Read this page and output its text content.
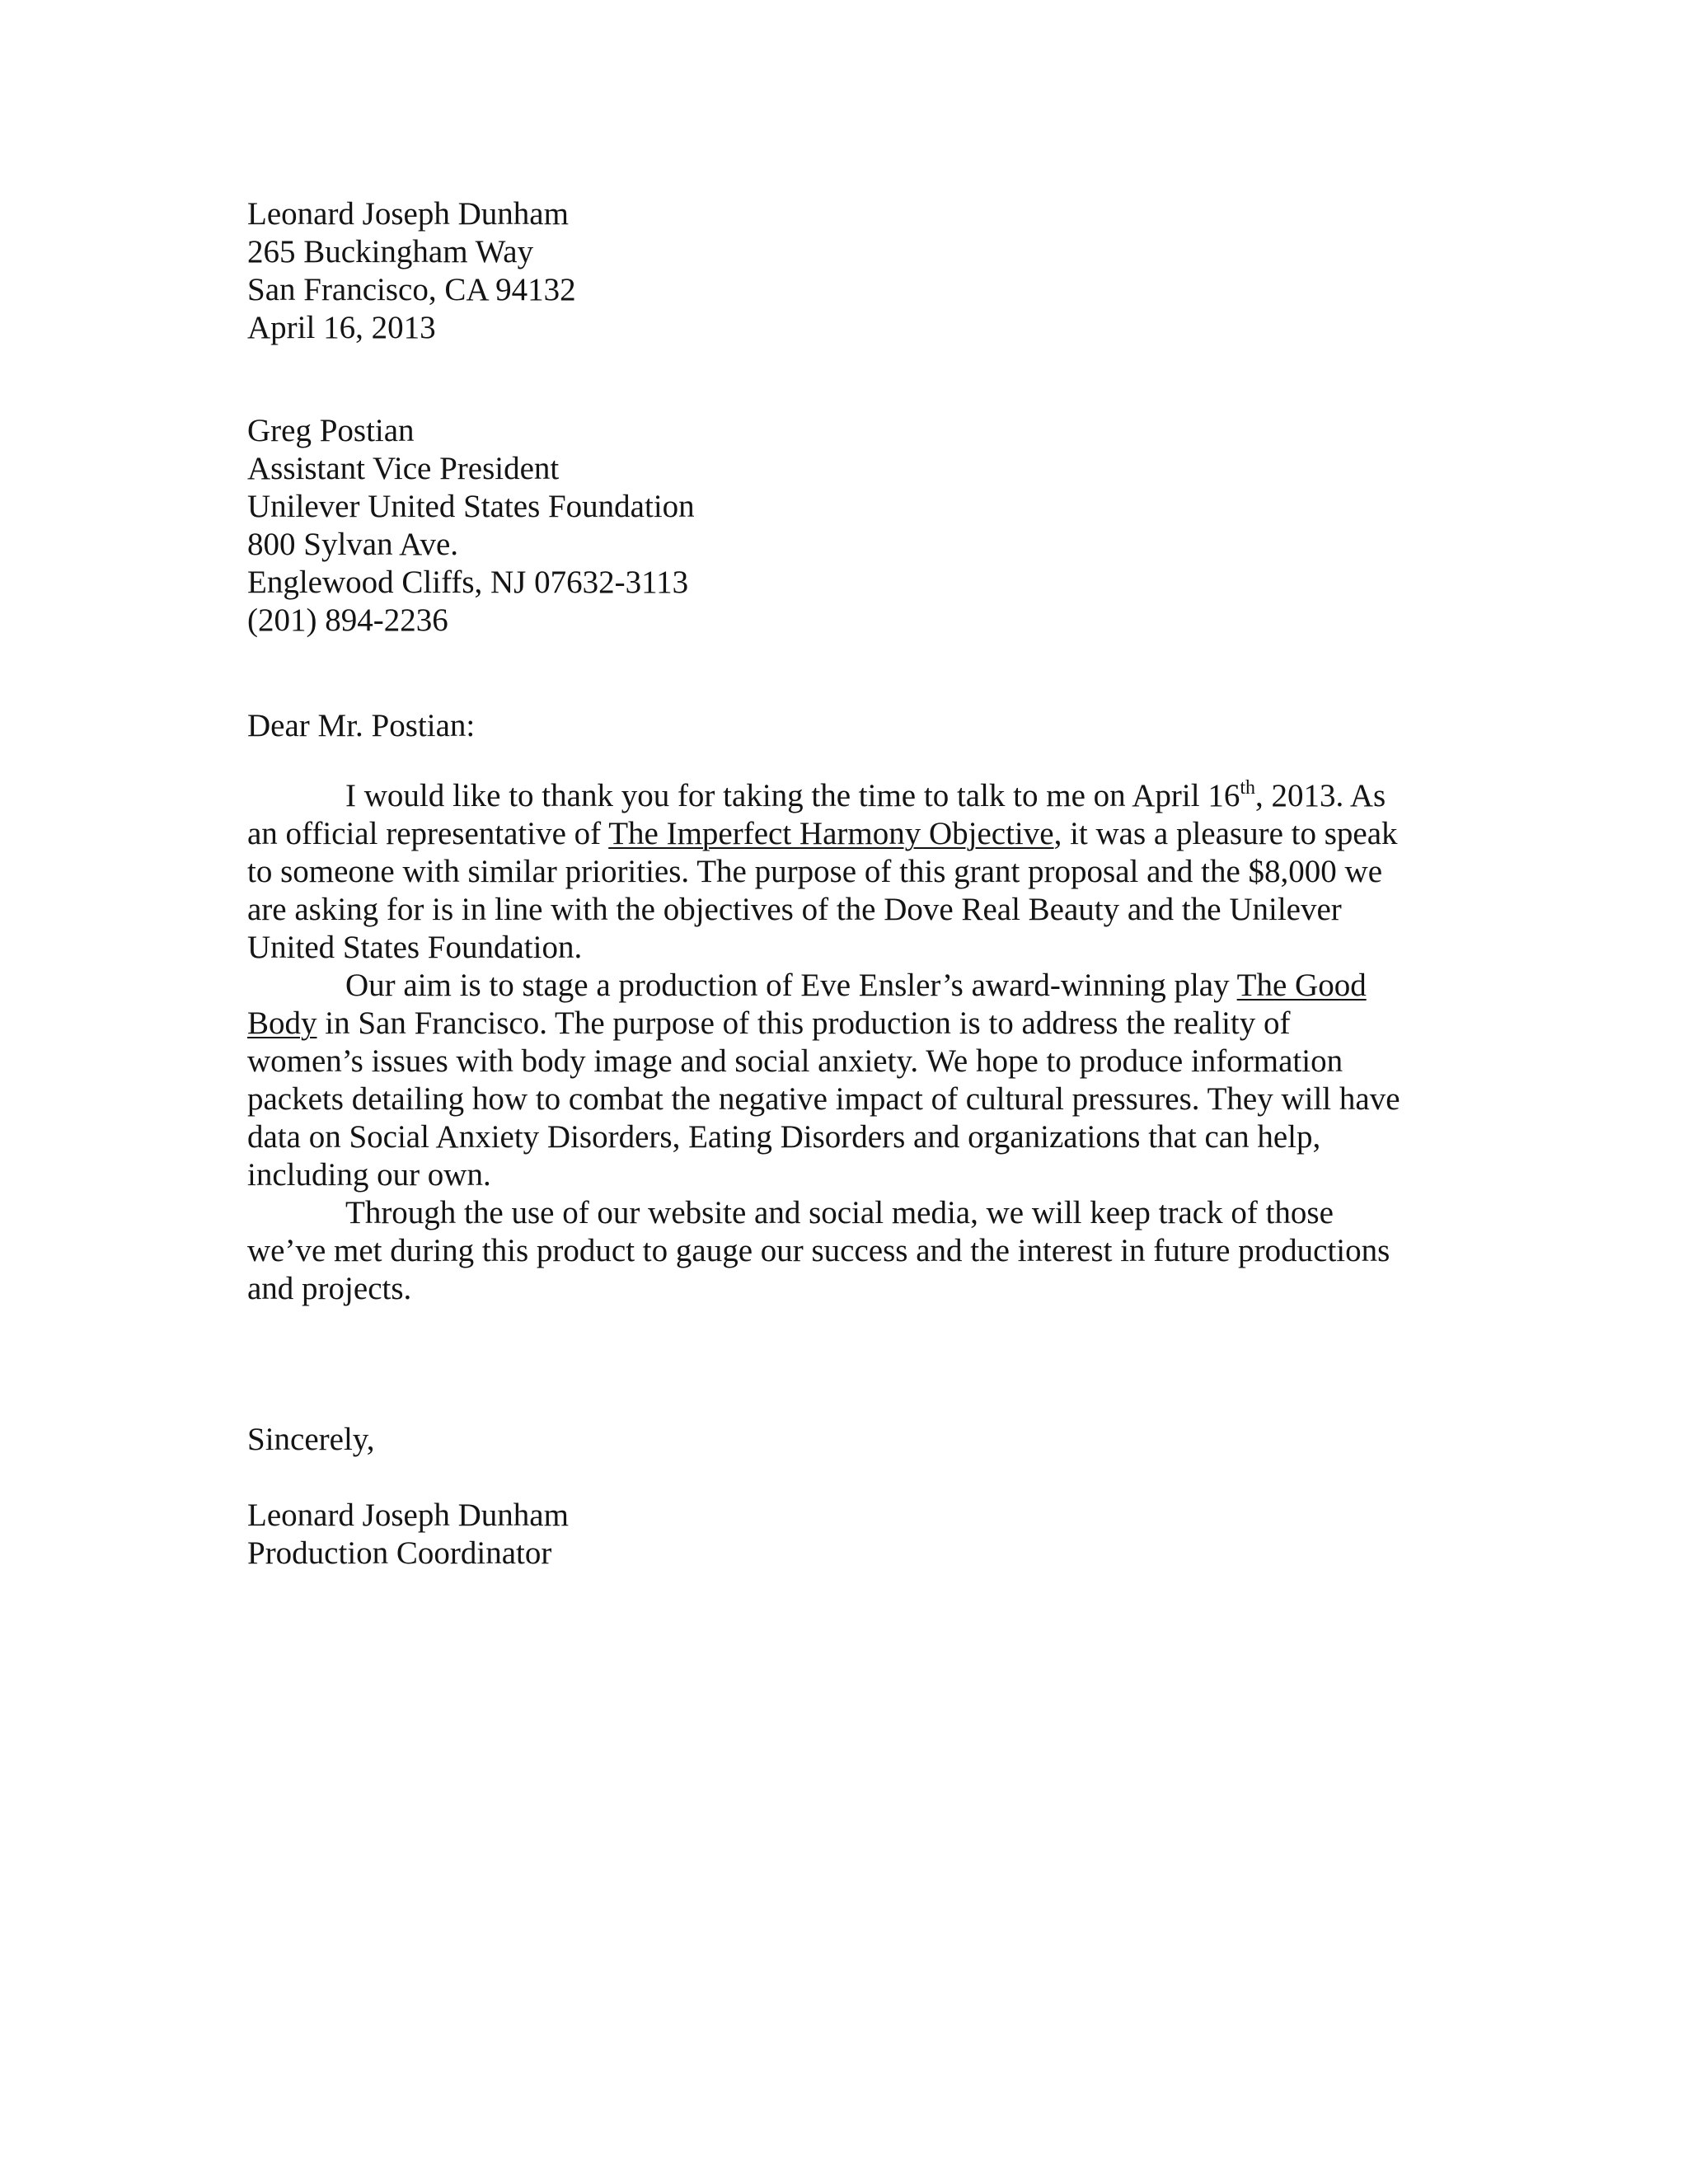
Leonard Joseph Dunham
265 Buckingham Way
San Francisco, CA 94132
April 16, 2013
Greg Postian
Assistant Vice President
Unilever United States Foundation
800 Sylvan Ave.
Englewood Cliffs, NJ 07632-3113
(201) 894-2236
Dear Mr. Postian:
I would like to thank you for taking the time to talk to me on April 16th, 2013. As
an official representative of The Imperfect Harmony Objective, it was a pleasure to speak
to someone with similar priorities. The purpose of this grant proposal and the $8,000 we
are asking for is in line with the objectives of the Dove Real Beauty and the Unilever
United States Foundation.
Our aim is to stage a production of Eve Ensler’s award-winning play The Good
Body in San Francisco. The purpose of this production is to address the reality of
women’s issues with body image and social anxiety. We hope to produce information
packets detailing how to combat the negative impact of cultural pressures. They will have
data on Social Anxiety Disorders, Eating Disorders and organizations that can help,
including our own.
Through the use of our website and social media, we will keep track of those
we’ve met during this product to gauge our success and the interest in future productions
and projects.
Sincerely,
Leonard Joseph Dunham
Production Coordinator
